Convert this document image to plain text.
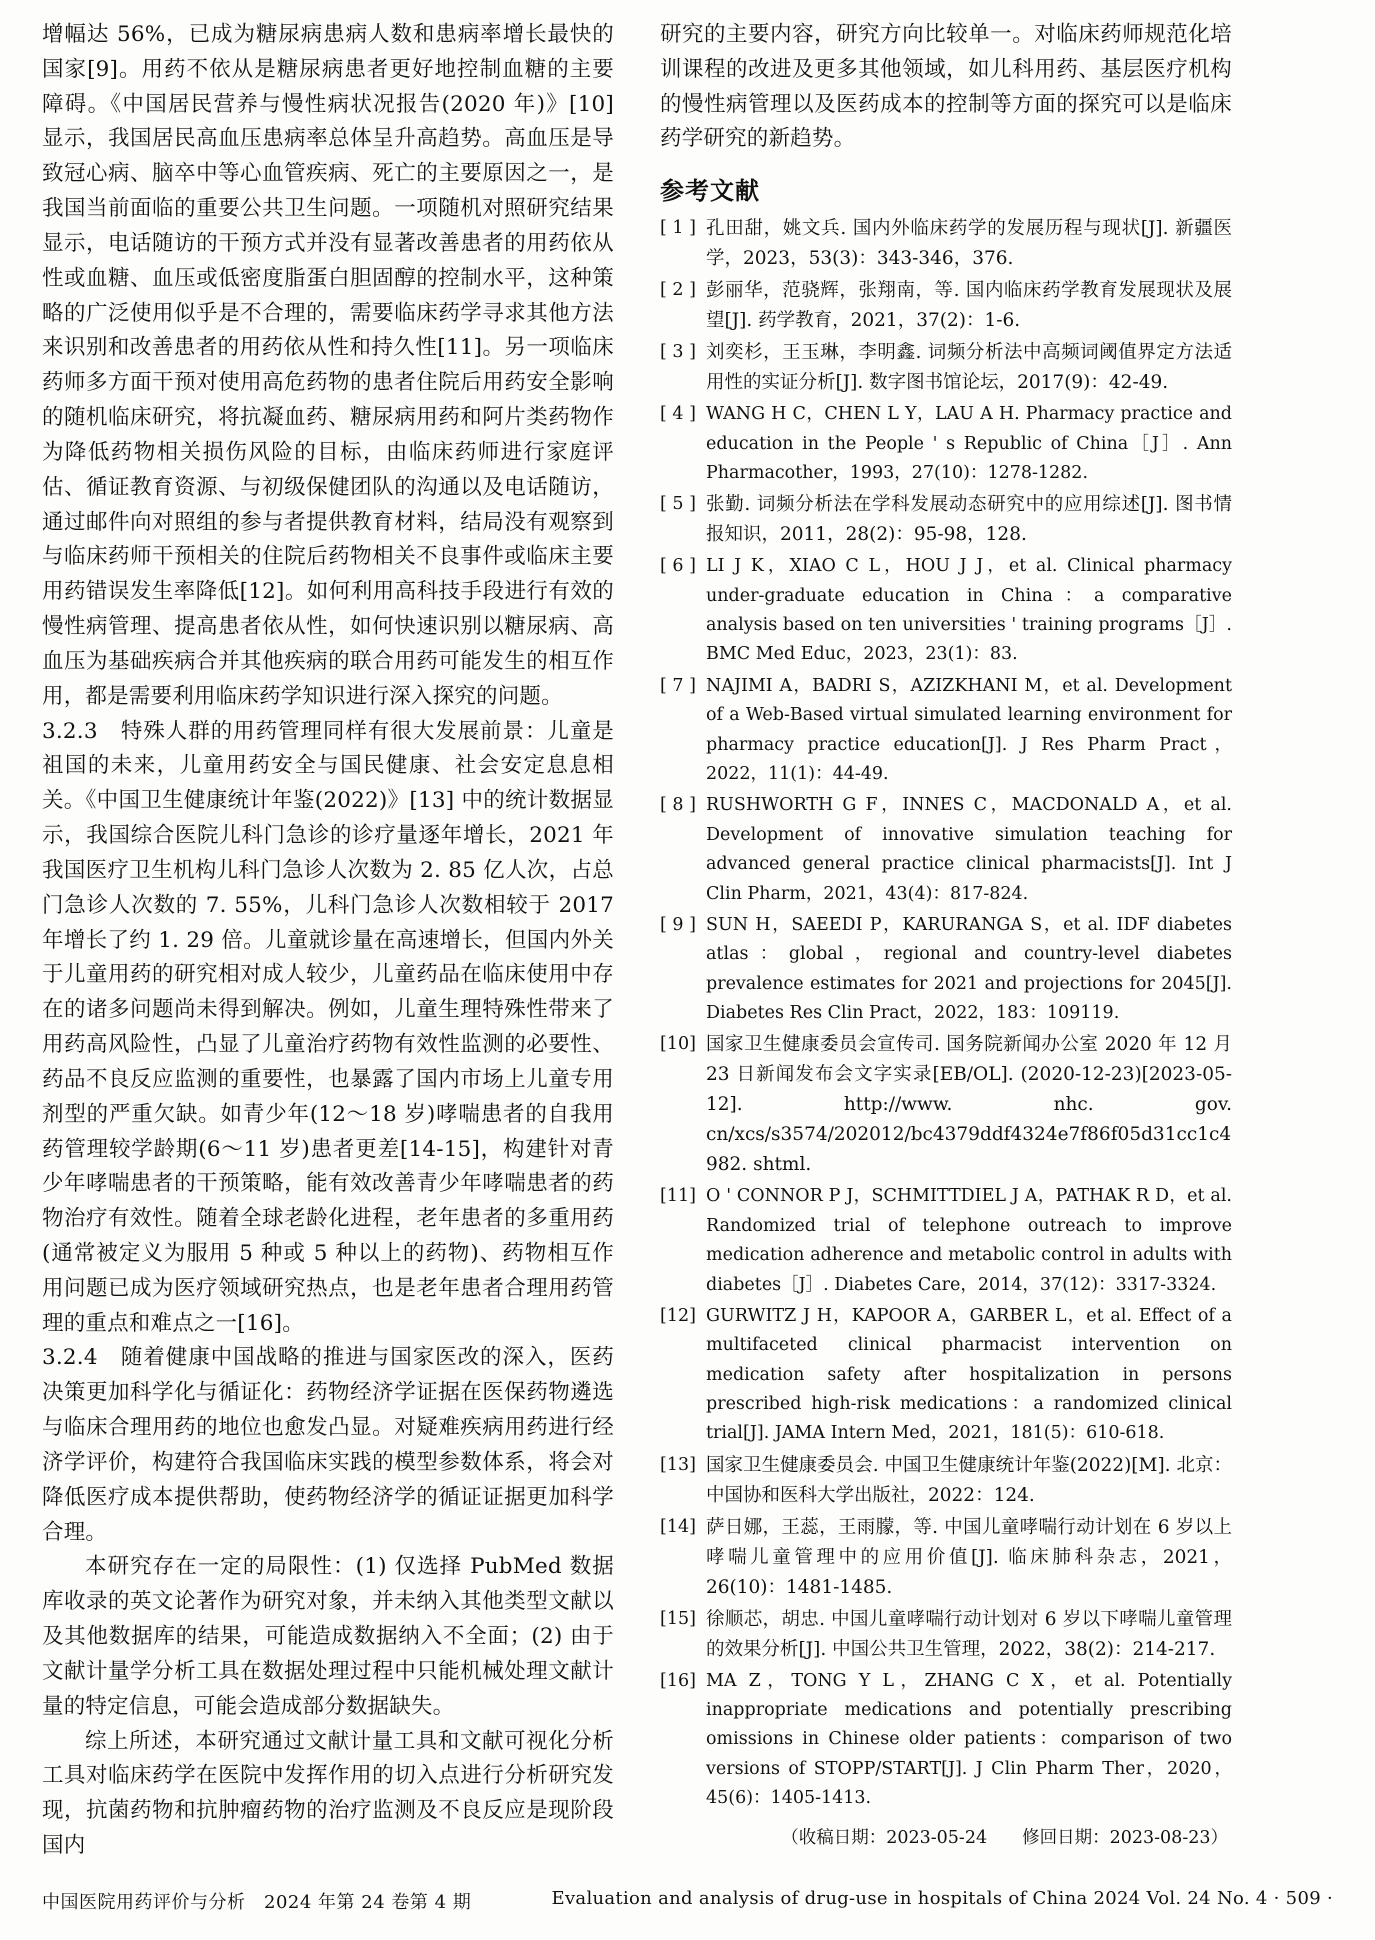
增幅达 56%，已成为糖尿病患病人数和患病率增长最快的国家[9]。用药不依从是糖尿病患者更好地控制血糖的主要障碍。《中国居民营养与慢性病状况报告(2020 年)》[10] 显示，我国居民高血压患病率总体呈升高趋势。高血压是导致冠心病、脑卒中等心血管疾病、死亡的主要原因之一，是我国当前面临的重要公共卫生问题。一项随机对照研究结果显示，电话随访的干预方式并没有显著改善患者的用药依从性或血糖、血压或低密度脂蛋白胆固醇的控制水平，这种策略的广泛使用似乎是不合理的，需要临床药学寻求其他方法来识别和改善患者的用药依从性和持久性[11]。另一项临床药师多方面干预对使用高危药物的患者住院后用药安全影响的随机临床研究，将抗凝血药、糖尿病用药和阿片类药物作为降低药物相关损伤风险的目标，由临床药师进行家庭评估、循证教育资源、与初级保健团队的沟通以及电话随访，通过邮件向对照组的参与者提供教育材料，结局没有观察到与临床药师干预相关的住院后药物相关不良事件或临床主要用药错误发生率降低[12]。如何利用高科技手段进行有效的慢性病管理、提高患者依从性，如何快速识别以糖尿病、高血压为基础疾病合并其他疾病的联合用药可能发生的相互作用，都是需要利用临床药学知识进行深入探究的问题。

3.2.3　特殊人群的用药管理同样有很大发展前景：儿童是祖国的未来，儿童用药安全与国民健康、社会安定息息相关。《中国卫生健康统计年鉴(2022)》[13] 中的统计数据显示，我国综合医院儿科门急诊的诊疗量逐年增长，2021 年我国医疗卫生机构儿科门急诊人次数为 2. 85 亿人次，占总门急诊人次数的 7. 55%，儿科门急诊人次数相较于 2017 年增长了约 1. 29 倍。儿童就诊量在高速增长，但国内外关于儿童用药的研究相对成人较少，儿童药品在临床使用中存在的诸多问题尚未得到解决。例如，儿童生理特殊性带来了用药高风险性，凸显了儿童治疗药物有效性监测的必要性、药品不良反应监测的重要性，也暴露了国内市场上儿童专用剂型的严重欠缺。如青少年(12～18 岁)哮喘患者的自我用药管理较学龄期(6～11 岁)患者更差[14-15]，构建针对青少年哮喘患者的干预策略，能有效改善青少年哮喘患者的药物治疗有效性。随着全球老龄化进程，老年患者的多重用药(通常被定义为服用 5 种或 5 种以上的药物)、药物相互作用问题已成为医疗领域研究热点，也是老年患者合理用药管理的重点和难点之一[16]。

3.2.4　随着健康中国战略的推进与国家医改的深入，医药决策更加科学化与循证化：药物经济学证据在医保药物遴选与临床合理用药的地位也愈发凸显。对疑难疾病用药进行经济学评价，构建符合我国临床实践的模型参数体系，将会对降低医疗成本提供帮助，使药物经济学的循证证据更加科学合理。

本研究存在一定的局限性：(1) 仅选择 PubMed 数据库收录的英文论著作为研究对象，并未纳入其他类型文献以及其他数据库的结果，可能造成数据纳入不全面；(2) 由于文献计量学分析工具在数据处理过程中只能机械处理文献计量的特定信息，可能会造成部分数据缺失。

综上所述，本研究通过文献计量工具和文献可视化分析工具对临床药学在医院中发挥作用的切入点进行分析研究发现，抗菌药物和抗肿瘤药物的治疗监测及不良反应是现阶段国内

研究的主要内容，研究方向比较单一。对临床药师规范化培训课程的改进及更多其他领域，如儿科用药、基层医疗机构的慢性病管理以及医药成本的控制等方面的探究可以是临床药学研究的新趋势。

参考文献
[ 1 ] 孔田甜，姚文兵. 国内外临床药学的发展历程与现状[J]. 新疆医学，2023，53(3)：343-346，376.
[ 2 ] 彭丽华，范骁辉，张翔南，等. 国内临床药学教育发展现状及展望[J]. 药学教育，2021，37(2)：1-6.
[ 3 ] 刘奕杉，王玉琳，李明鑫. 词频分析法中高频词阈值界定方法适用性的实证分析[J]. 数字图书馆论坛，2017(9)：42-49.
[ 4 ] WANG H C，CHEN L Y，LAU A H. Pharmacy practice and education in the People ' s Republic of China［J］. Ann Pharmacother，1993，27(10)：1278-1282.
[ 5 ] 张勤. 词频分析法在学科发展动态研究中的应用综述[J]. 图书情报知识，2011，28(2)：95-98，128.
[ 6 ] LI J K，XIAO C L，HOU J J，et al. Clinical pharmacy under-graduate education in China：a comparative analysis based on ten universities ' training programs［J］. BMC Med Educ，2023，23(1)：83.
[ 7 ] NAJIMI A，BADRI S，AZIZKHANI M，et al. Development of a Web-Based virtual simulated learning environment for pharmacy practice education[J]. J Res Pharm Pract，2022，11(1)：44-49.
[ 8 ] RUSHWORTH G F，INNES C，MACDONALD A，et al. Development of innovative simulation teaching for advanced general practice clinical pharmacists[J]. Int J Clin Pharm，2021，43(4)：817-824.
[ 9 ] SUN H，SAEEDI P，KARURANGA S，et al. IDF diabetes atlas：global，regional and country-level diabetes prevalence estimates for 2021 and projections for 2045[J]. Diabetes Res Clin Pract，2022，183：109119.
[10] 国家卫生健康委员会宣传司. 国务院新闻办公室 2020 年 12 月 23 日新闻发布会文字实录[EB/OL]. (2020-12-23)[2023-05-12]. http://www. nhc. gov. cn/xcs/s3574/202012/bc4379ddf4324e7f86f05d31cc1c4982. shtml.
[11] O ' CONNOR P J，SCHMITTDIEL J A，PATHAK R D，et al. Randomized trial of telephone outreach to improve medication adherence and metabolic control in adults with diabetes［J］. Diabetes Care，2014，37(12)：3317-3324.
[12] GURWITZ J H，KAPOOR A，GARBER L，et al. Effect of a multifaceted clinical pharmacist intervention on medication safety after hospitalization in persons prescribed high-risk medications：a randomized clinical trial[J]. JAMA Intern Med，2021，181(5)：610-618.
[13] 国家卫生健康委员会. 中国卫生健康统计年鉴(2022)[M]. 北京：中国协和医科大学出版社，2022：124.
[14] 萨日娜，王蕊，王雨朦，等. 中国儿童哮喘行动计划在 6 岁以上哮喘儿童管理中的应用价值[J]. 临床肺科杂志，2021，26(10)：1481-1485.
[15] 徐顺芯，胡忠. 中国儿童哮喘行动计划对 6 岁以下哮喘儿童管理的效果分析[J]. 中国公共卫生管理，2022，38(2)：214-217.
[16] MA Z，TONG Y L，ZHANG C X，et al. Potentially inappropriate medications and potentially prescribing omissions in Chinese older patients：comparison of two versions of STOPP/START[J]. J Clin Pharm Ther，2020，45(6)：1405-1413.
（收稿日期：2023-05-24　　修回日期：2023-08-23）
中国医院用药评价与分析　2024 年第 24 卷第 4 期	Evaluation and analysis of drug-use in hospitals of China 2024 Vol. 24 No. 4 · 509 ·
